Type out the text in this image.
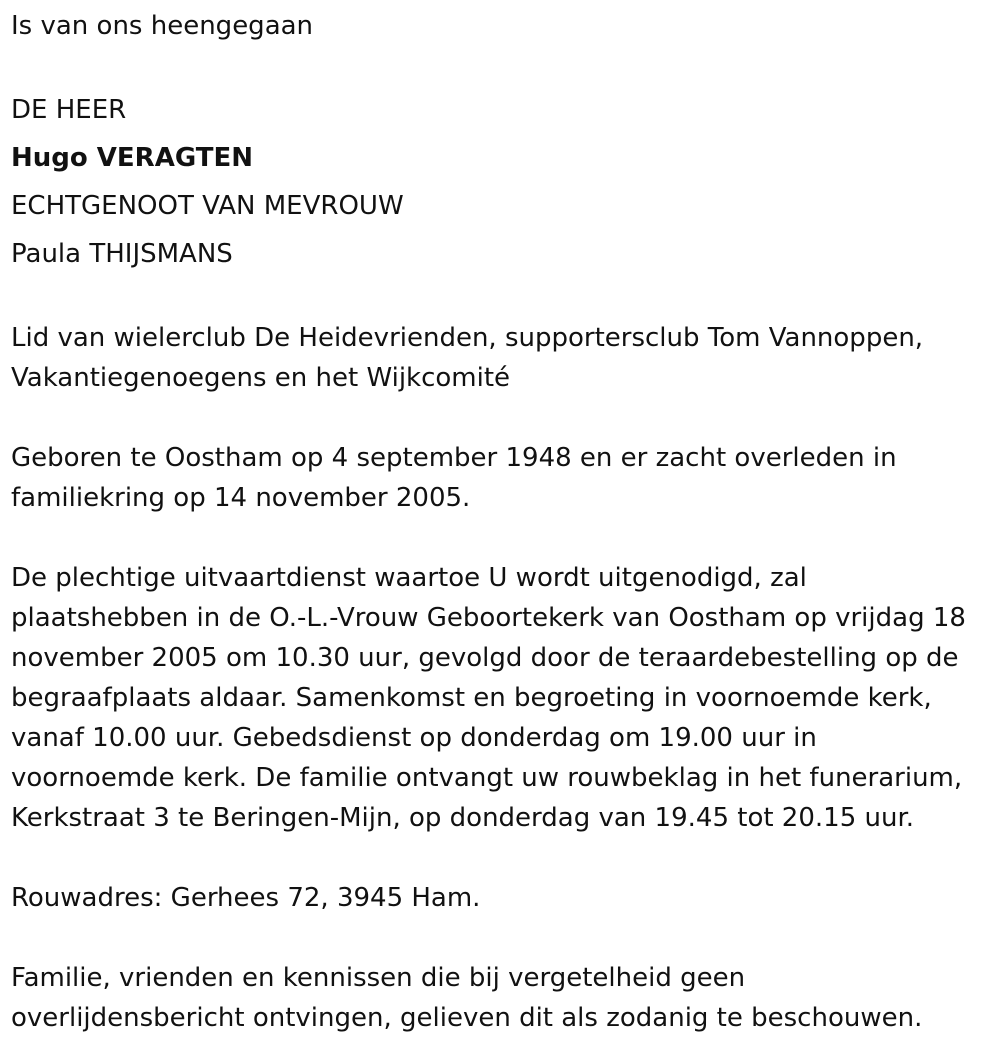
Is van ons heengegaan

DE HEER

Hugo VERAGTEN

ECHTGENOOT VAN MEVROUW

Paula THIJSMANS

Lid van wielerclub De Heidevrienden, supportersclub Tom Vannoppen,

Vakantiegenoegens en het Wijkcomité

Geboren te Oostham op 4 september 1948 en er zacht overleden in

familiekring op 14 november 2005.

De plechtige uitvaartdienst waartoe U wordt uitgenodigd, zal

plaatshebben in de O.-L.-Vrouw Geboortekerk van Oostham op vrijdag 18

november 2005 om 10.30 uur, gevolgd door de teraardebestelling op de

begraafplaats aldaar. Samenkomst en begroeting in voornoemde kerk,

vanaf 10.00 uur. Gebedsdienst op donderdag om 19.00 uur in

voornoemde kerk. De familie ontvangt uw rouwbeklag in het funerarium,

Kerkstraat 3 te Beringen-Mijn, op donderdag van 19.45 tot 20.15 uur.

Rouwadres: Gerhees 72, 3945 Ham.

Familie, vrienden en kennissen die bij vergetelheid geen

overlijdensbericht ontvingen, gelieven dit als zodanig te beschouwen.
